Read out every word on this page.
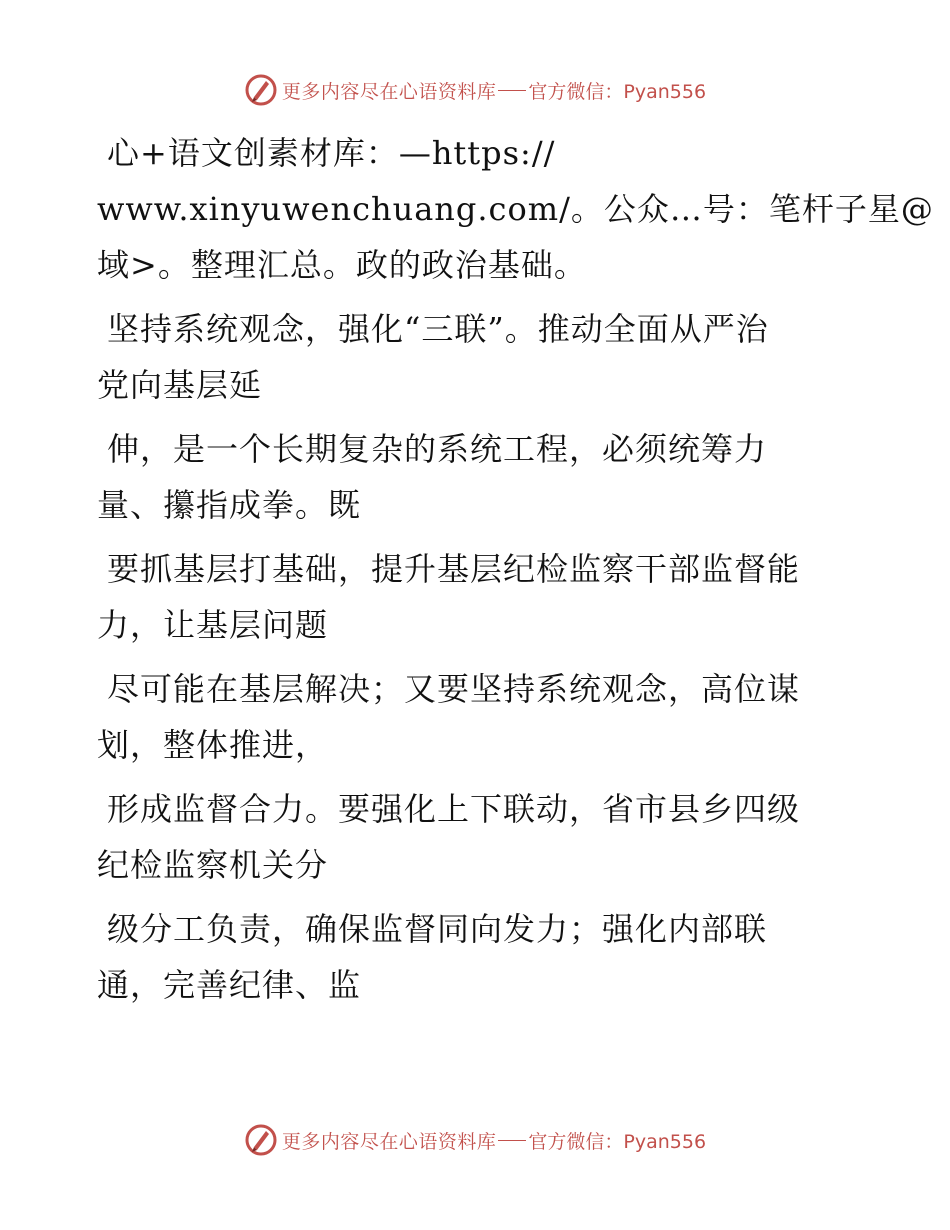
更多内容尽在心语资料库 官方微信：Pyan556
心+语文创素材库：—https://
www.xinyuwenchuang.com/。公众…号：笔杆子星@
域>。整理汇总。政的政治基础。
坚持系统观念，强化“三联”。推动全面从严治
党向基层延
伸，是一个长期复杂的系统工程，必须统筹力
量、攥指成拳。既
要抓基层打基础，提升基层纪检监察干部监督能
力，让基层问题
尽可能在基层解决；又要坚持系统观念，高位谋
划，整体推进，
形成监督合力。要强化上下联动，省市县乡四级
纪检监察机关分
级分工负责，确保监督同向发力；强化内部联
通，完善纪律、监
更多内容尽在心语资料库 官方微信：Pyan556
